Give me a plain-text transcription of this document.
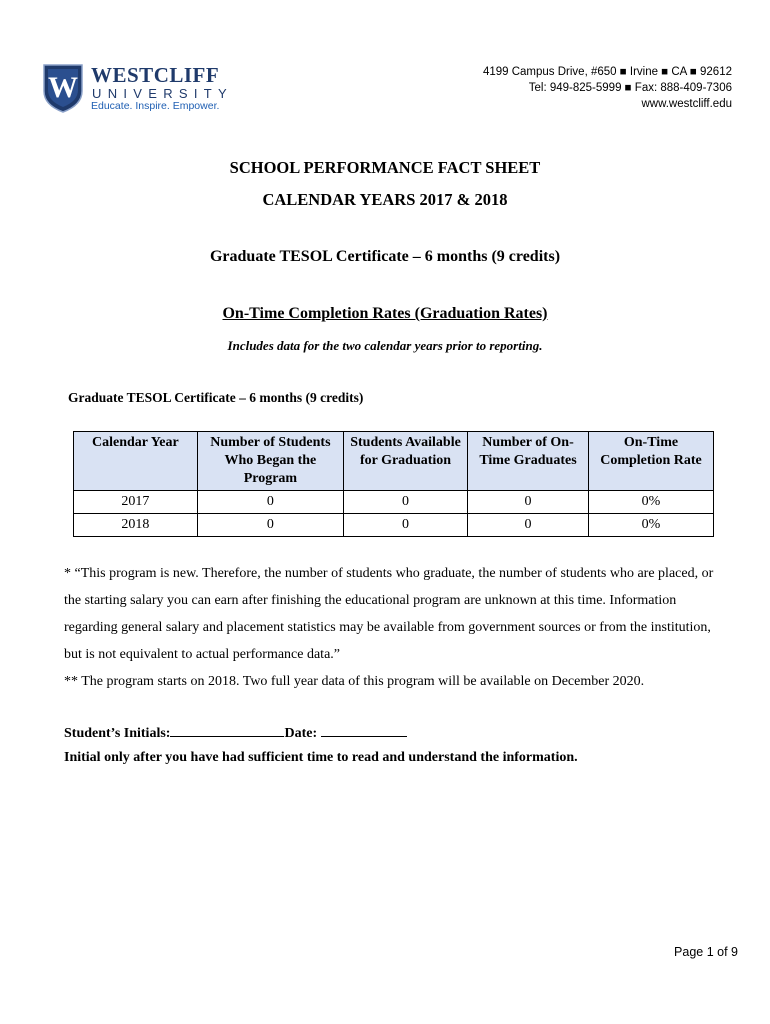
W WESTCLIFF
UNIVERSITY
Educate. Inspire. Empower.
4199 Campus Drive, #650 ■ Irvine ■ CA ■ 92612
Tel: 949-825-5999 ■ Fax: 888-409-7306
www.westcliff.edu
SCHOOL PERFORMANCE FACT SHEET
CALENDAR YEARS 2017 & 2018
Graduate TESOL Certificate – 6 months (9 credits)
On-Time Completion Rates (Graduation Rates)
Includes data for the two calendar years prior to reporting.
Graduate TESOL Certificate – 6 months (9 credits)
Calendar Year	Number of Students Who Began the Program	Students Available for Graduation	Number of On-Time Graduates	On-Time Completion Rate
2017	0	0	0	0%
2018	0	0	0	0%

* “This program is new. Therefore, the number of students who graduate, the number of students who are placed, or the starting salary you can earn after finishing the educational program are unknown at this time. Information regarding general salary and placement statistics may be available from government sources or from the institution, but is not equivalent to actual performance data.”

** The program starts on 2018. Two full year data of this program will be available on December 2020.

Student’s Initials:	Date:
Initial only after you have had sufficient time to read and understand the information.
Page 1 of 9
